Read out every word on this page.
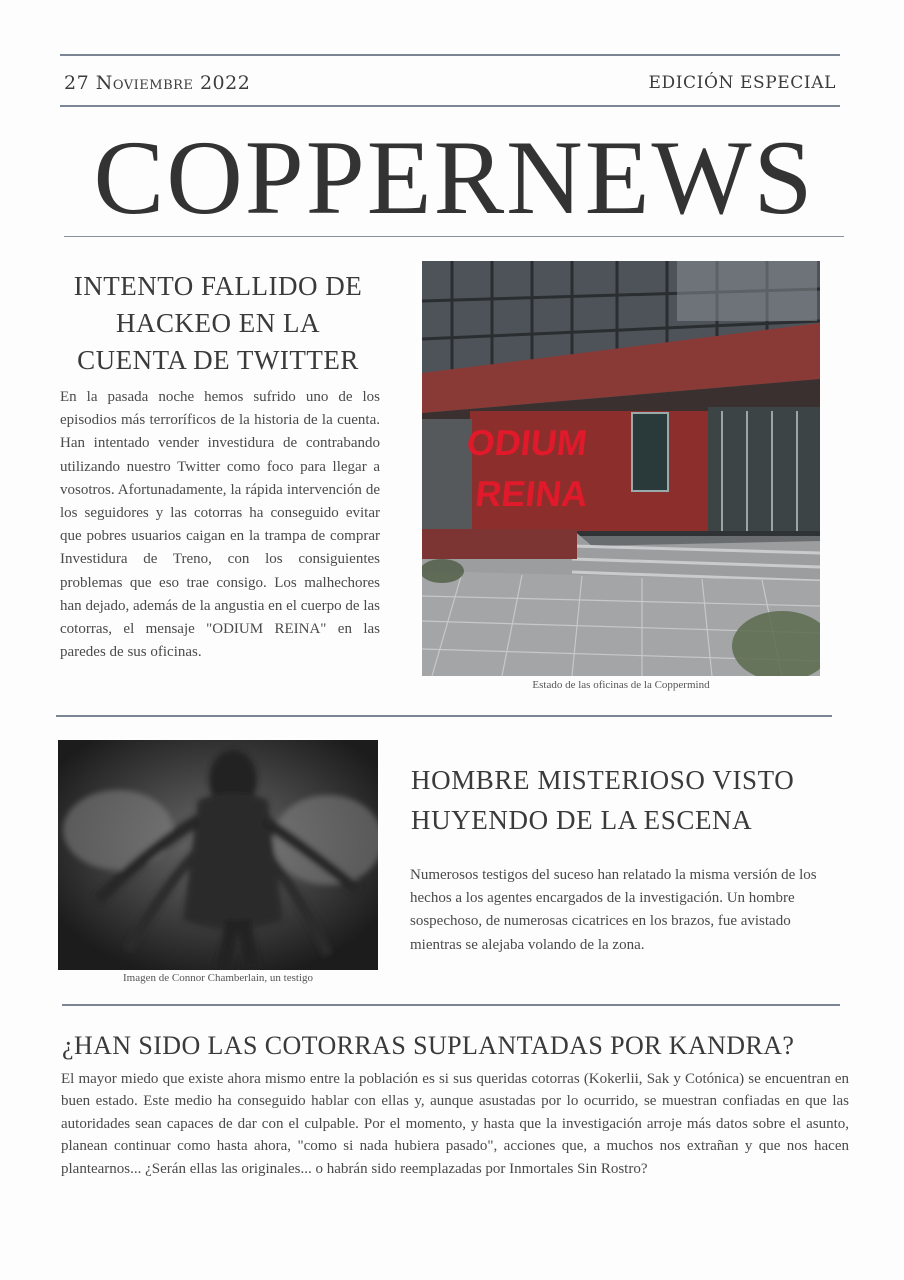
27 Noviembre 2022	EDICIÓN ESPECIAL
COPPERNEWS
INTENTO FALLIDO DE HACKEO EN LA CUENTA DE TWITTER
En la pasada noche hemos sufrido uno de los episodios más terroríficos de la historia de la cuenta. Han intentado vender investidura de contrabando utilizando nuestro Twitter como foco para llegar a vosotros. Afortunadamente, la rápida intervención de los seguidores y las cotorras ha conseguido evitar que pobres usuarios caigan en la trampa de comprar Investidura de Treno, con los consiguientes problemas que eso trae consigo. Los malhechores han dejado, además de la angustia en el cuerpo de las cotorras, el mensaje "ODIUM REINA" en las paredes de sus oficinas.
ODIUM
REINA
Estado de las oficinas de la Coppermind
Imagen de Connor Chamberlain, un testigo
HOMBRE MISTERIOSO VISTO HUYENDO DE LA ESCENA
Numerosos testigos del suceso han relatado la misma versión de los hechos a los agentes encargados de la investigación. Un hombre sospechoso, de numerosas cicatrices en los brazos, fue avistado mientras se alejaba volando de la zona.
¿HAN SIDO LAS COTORRAS SUPLANTADAS POR KANDRA?
El mayor miedo que existe ahora mismo entre la población es si sus queridas cotorras (Kokerlii, Sak y Cotónica) se encuentran en buen estado. Este medio ha conseguido hablar con ellas y, aunque asustadas por lo ocurrido, se muestran confiadas en que las autoridades sean capaces de dar con el culpable. Por el momento, y hasta que la investigación arroje más datos sobre el asunto, planean continuar como hasta ahora, "como si nada hubiera pasado", acciones que, a muchos nos extrañan y que nos hacen plantearnos... ¿Serán ellas las originales... o habrán sido reemplazadas por Inmortales Sin Rostro?
